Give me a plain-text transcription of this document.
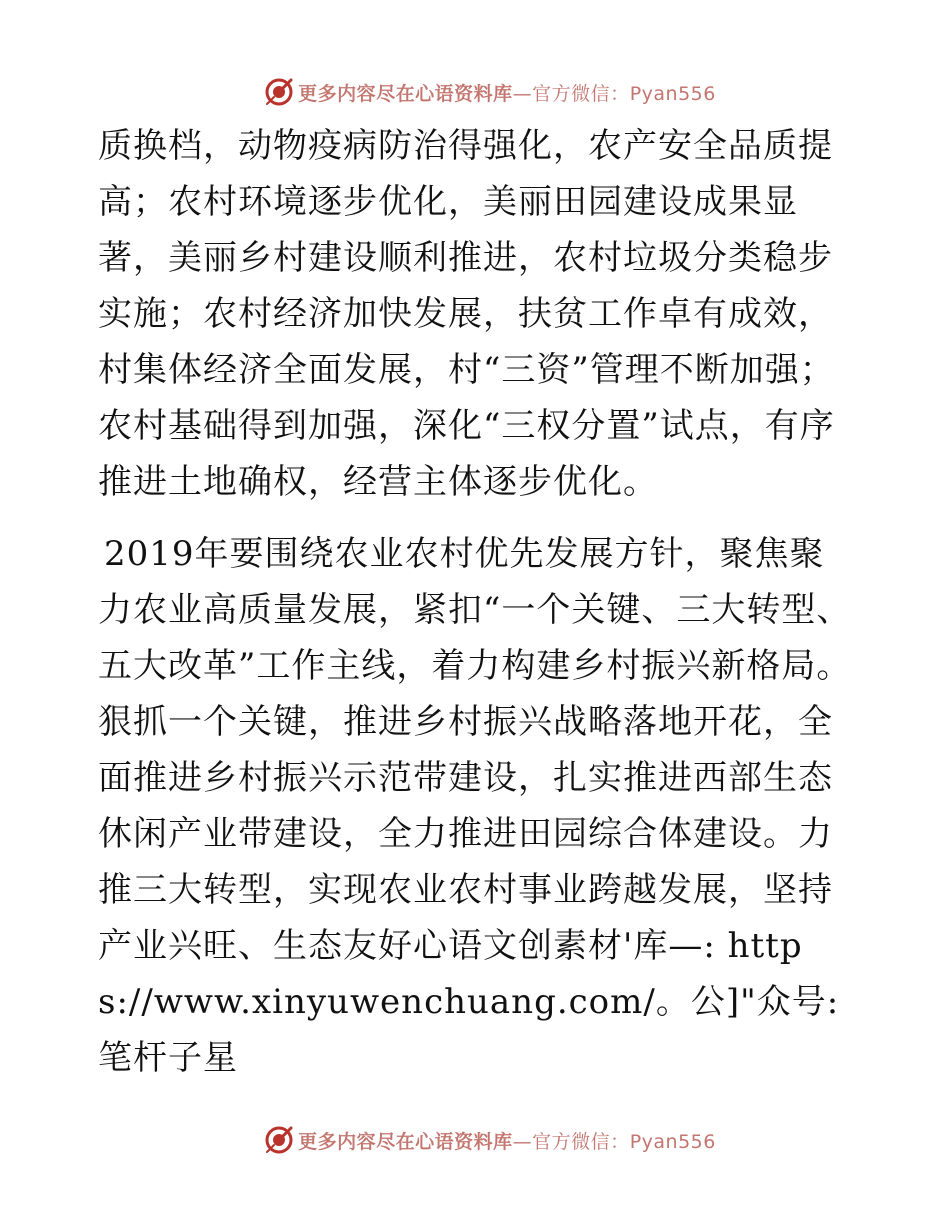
更多内容尽在心语资料库—官方微信：Pyan556

质换档，动物疫病防治得强化，农产安全品质提高；农村环境逐步优化，美丽田园建设成果显著，美丽乡村建设顺利推进，农村垃圾分类稳步实施；农村经济加快发展，扶贫工作卓有成效，村集体经济全面发展，村“三资”管理不断加强；农村基础得到加强，深化“三权分置”试点，有序推进土地确权，经营主体逐步优化。

2019年要围绕农业农村优先发展方针，聚焦聚力农业高质量发展，紧扣“一个关键、三大转型、五大改革”工作主线，着力构建乡村振兴新格局。狠抓一个关键，推进乡村振兴战略落地开花，全面推进乡村振兴示范带建设，扎实推进西部生态休闲产业带建设，全力推进田园综合体建设。力推三大转型，实现农业农村事业跨越发展，坚持产业兴旺、生态友好心语文创素材'库—: https://www.xinyuwenchuang.com/。公]"众号: 笔杆子星

更多内容尽在心语资料库—官方微信：Pyan556
